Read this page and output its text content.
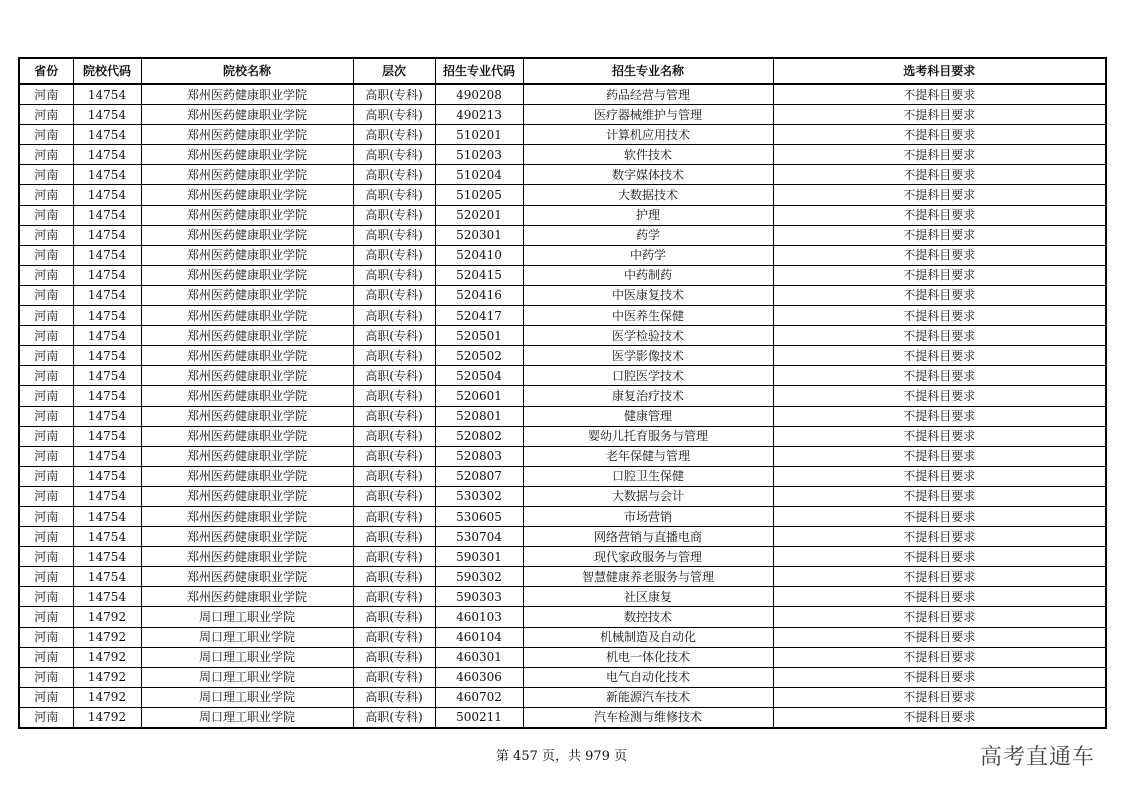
省份	院校代码	院校名称	层次	招生专业代码	招生专业名称	选考科目要求
河南	14754	郑州医药健康职业学院	高职(专科)	490208	药品经营与管理	不提科目要求
河南	14754	郑州医药健康职业学院	高职(专科)	490213	医疗器械维护与管理	不提科目要求
河南	14754	郑州医药健康职业学院	高职(专科)	510201	计算机应用技术	不提科目要求
河南	14754	郑州医药健康职业学院	高职(专科)	510203	软件技术	不提科目要求
河南	14754	郑州医药健康职业学院	高职(专科)	510204	数字媒体技术	不提科目要求
河南	14754	郑州医药健康职业学院	高职(专科)	510205	大数据技术	不提科目要求
河南	14754	郑州医药健康职业学院	高职(专科)	520201	护理	不提科目要求
河南	14754	郑州医药健康职业学院	高职(专科)	520301	药学	不提科目要求
河南	14754	郑州医药健康职业学院	高职(专科)	520410	中药学	不提科目要求
河南	14754	郑州医药健康职业学院	高职(专科)	520415	中药制药	不提科目要求
河南	14754	郑州医药健康职业学院	高职(专科)	520416	中医康复技术	不提科目要求
河南	14754	郑州医药健康职业学院	高职(专科)	520417	中医养生保健	不提科目要求
河南	14754	郑州医药健康职业学院	高职(专科)	520501	医学检验技术	不提科目要求
河南	14754	郑州医药健康职业学院	高职(专科)	520502	医学影像技术	不提科目要求
河南	14754	郑州医药健康职业学院	高职(专科)	520504	口腔医学技术	不提科目要求
河南	14754	郑州医药健康职业学院	高职(专科)	520601	康复治疗技术	不提科目要求
河南	14754	郑州医药健康职业学院	高职(专科)	520801	健康管理	不提科目要求
河南	14754	郑州医药健康职业学院	高职(专科)	520802	婴幼儿托育服务与管理	不提科目要求
河南	14754	郑州医药健康职业学院	高职(专科)	520803	老年保健与管理	不提科目要求
河南	14754	郑州医药健康职业学院	高职(专科)	520807	口腔卫生保健	不提科目要求
河南	14754	郑州医药健康职业学院	高职(专科)	530302	大数据与会计	不提科目要求
河南	14754	郑州医药健康职业学院	高职(专科)	530605	市场营销	不提科目要求
河南	14754	郑州医药健康职业学院	高职(专科)	530704	网络营销与直播电商	不提科目要求
河南	14754	郑州医药健康职业学院	高职(专科)	590301	现代家政服务与管理	不提科目要求
河南	14754	郑州医药健康职业学院	高职(专科)	590302	智慧健康养老服务与管理	不提科目要求
河南	14754	郑州医药健康职业学院	高职(专科)	590303	社区康复	不提科目要求
河南	14792	周口理工职业学院	高职(专科)	460103	数控技术	不提科目要求
河南	14792	周口理工职业学院	高职(专科)	460104	机械制造及自动化	不提科目要求
河南	14792	周口理工职业学院	高职(专科)	460301	机电一体化技术	不提科目要求
河南	14792	周口理工职业学院	高职(专科)	460306	电气自动化技术	不提科目要求
河南	14792	周口理工职业学院	高职(专科)	460702	新能源汽车技术	不提科目要求
河南	14792	周口理工职业学院	高职(专科)	500211	汽车检测与维修技术	不提科目要求
第 457 页，共 979 页	高考直通车
